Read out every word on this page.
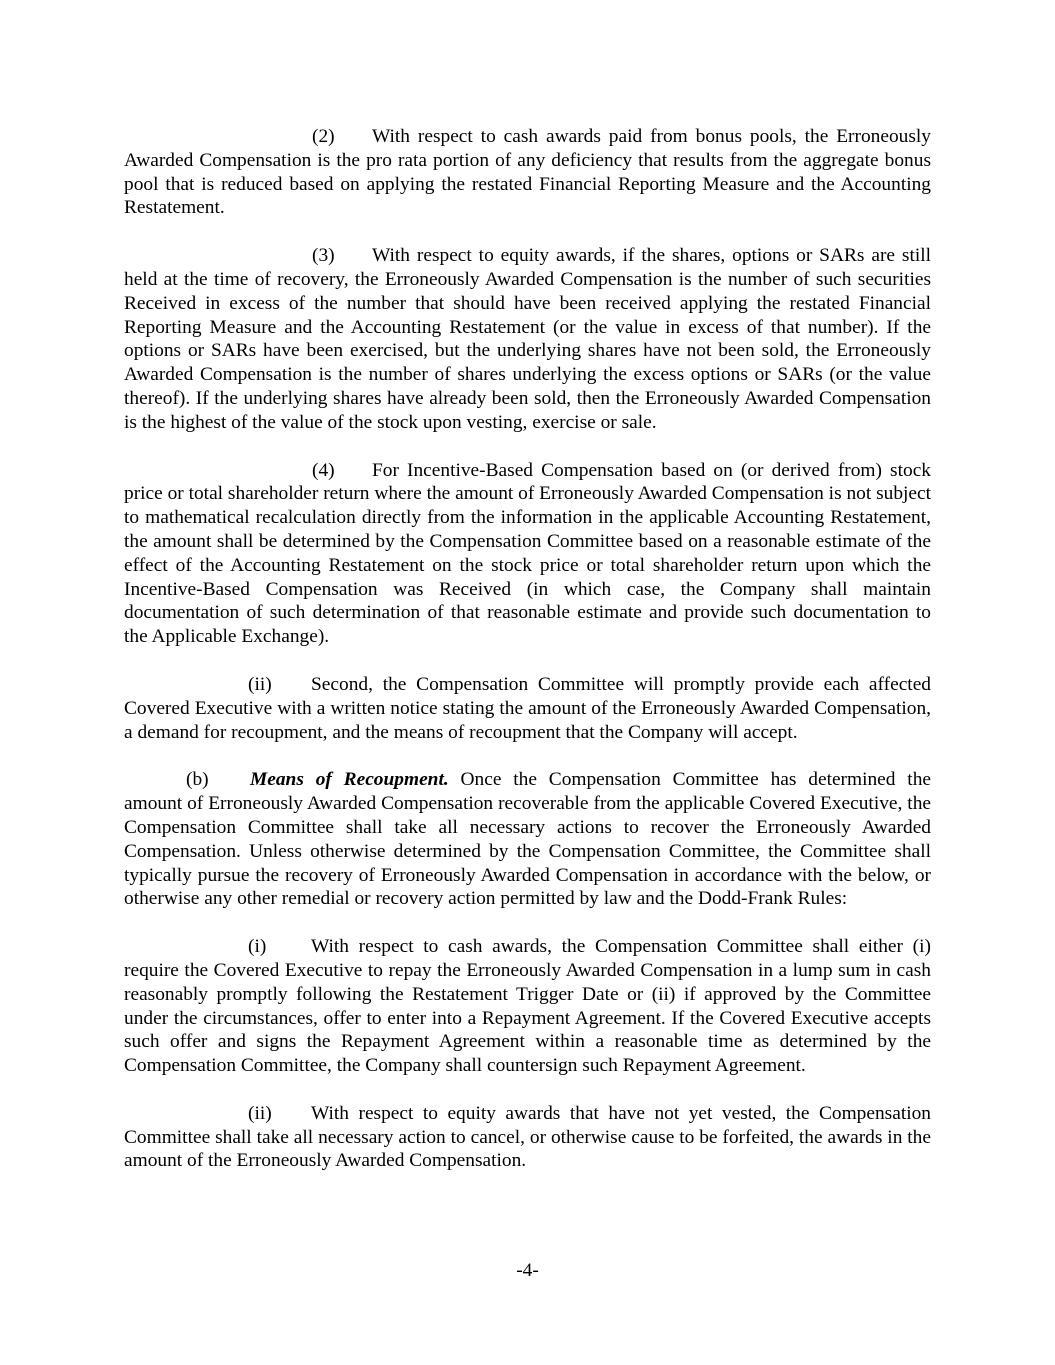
(2) With respect to cash awards paid from bonus pools, the Erroneously Awarded Compensation is the pro rata portion of any deficiency that results from the aggregate bonus pool that is reduced based on applying the restated Financial Reporting Measure and the Accounting Restatement.

(3) With respect to equity awards, if the shares, options or SARs are still held at the time of recovery, the Erroneously Awarded Compensation is the number of such securities Received in excess of the number that should have been received applying the restated Financial Reporting Measure and the Accounting Restatement (or the value in excess of that number). If the options or SARs have been exercised, but the underlying shares have not been sold, the Erroneously Awarded Compensation is the number of shares underlying the excess options or SARs (or the value thereof). If the underlying shares have already been sold, then the Erroneously Awarded Compensation is the highest of the value of the stock upon vesting, exercise or sale.

(4) For Incentive-Based Compensation based on (or derived from) stock price or total shareholder return where the amount of Erroneously Awarded Compensation is not subject to mathematical recalculation directly from the information in the applicable Accounting Restatement, the amount shall be determined by the Compensation Committee based on a reasonable estimate of the effect of the Accounting Restatement on the stock price or total shareholder return upon which the Incentive-Based Compensation was Received (in which case, the Company shall maintain documentation of such determination of that reasonable estimate and provide such documentation to the Applicable Exchange).

(ii) Second, the Compensation Committee will promptly provide each affected Covered Executive with a written notice stating the amount of the Erroneously Awarded Compensation, a demand for recoupment, and the means of recoupment that the Company will accept.

(b) Means of Recoupment. Once the Compensation Committee has determined the amount of Erroneously Awarded Compensation recoverable from the applicable Covered Executive, the Compensation Committee shall take all necessary actions to recover the Erroneously Awarded Compensation. Unless otherwise determined by the Compensation Committee, the Committee shall typically pursue the recovery of Erroneously Awarded Compensation in accordance with the below, or otherwise any other remedial or recovery action permitted by law and the Dodd-Frank Rules:

(i) With respect to cash awards, the Compensation Committee shall either (i) require the Covered Executive to repay the Erroneously Awarded Compensation in a lump sum in cash reasonably promptly following the Restatement Trigger Date or (ii) if approved by the Committee under the circumstances, offer to enter into a Repayment Agreement. If the Covered Executive accepts such offer and signs the Repayment Agreement within a reasonable time as determined by the Compensation Committee, the Company shall countersign such Repayment Agreement.

(ii) With respect to equity awards that have not yet vested, the Compensation Committee shall take all necessary action to cancel, or otherwise cause to be forfeited, the awards in the amount of the Erroneously Awarded Compensation.

-4-
